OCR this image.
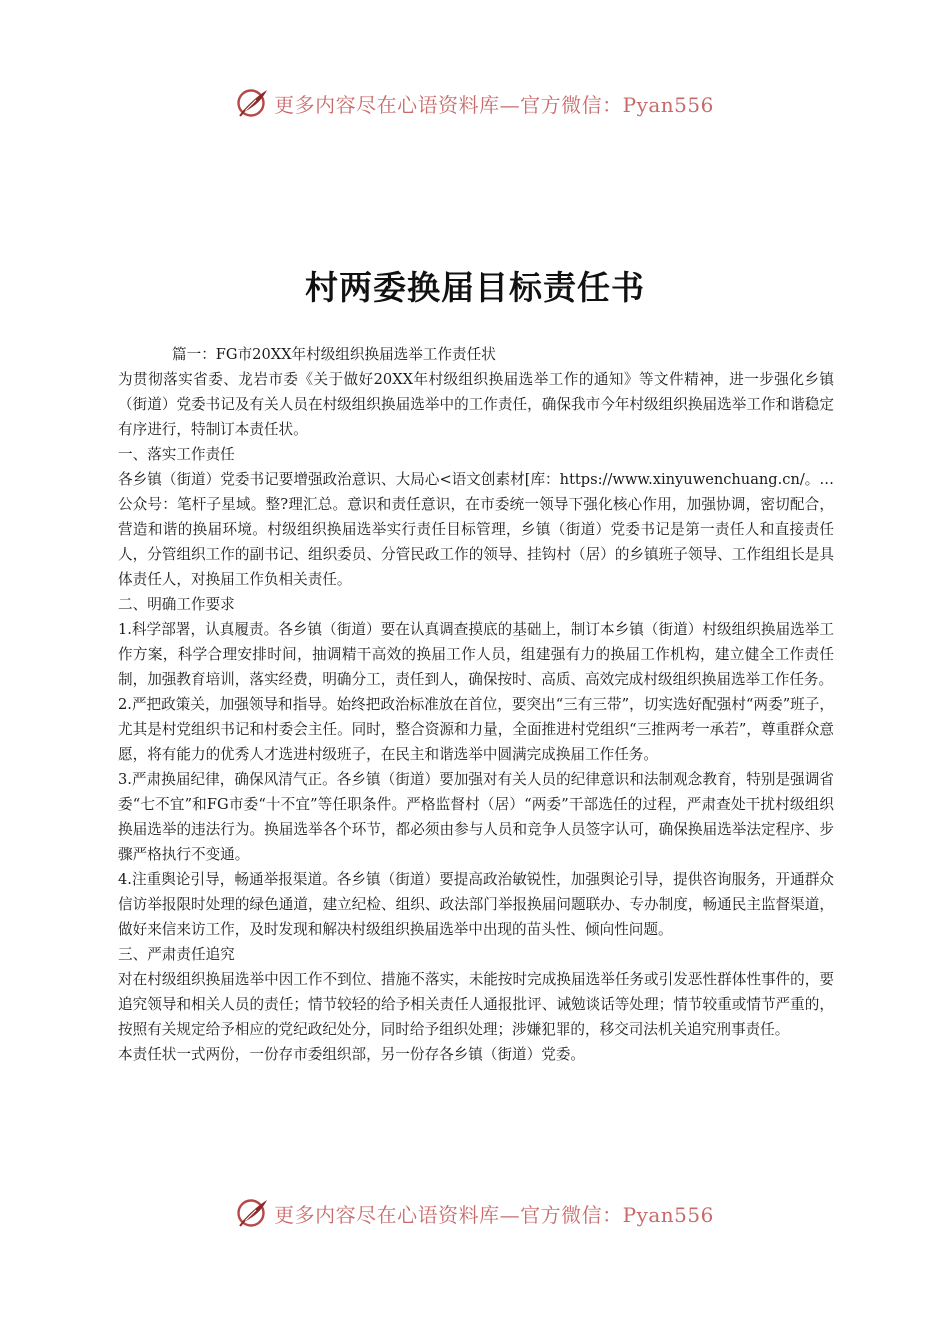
更多内容尽在心语资料库—官方微信：Pyan556
村两委换届目标责任书

篇一：FG市20XX年村级组织换届选举工作责任状

为贯彻落实省委、龙岩市委《关于做好20XX年村级组织换届选举工作的通知》等文件精神，进一步强化乡镇（街道）党委书记及有关人员在村级组织换届选举中的工作责任，确保我市今年村级组织换届选举工作和谐稳定有序进行，特制订本责任状。

一、落实工作责任

各乡镇（街道）党委书记要增强政治意识、大局心<语文创素材[库：https://www.xinyuwenchuang.cn/。…公众号：笔杆子星域。整?理汇总。意识和责任意识，在市委统一领导下强化核心作用，加强协调，密切配合，营造和谐的换届环境。村级组织换届选举实行责任目标管理，乡镇（街道）党委书记是第一责任人和直接责任人，分管组织工作的副书记、组织委员、分管民政工作的领导、挂钩村（居）的乡镇班子领导、工作组组长是具体责任人，对换届工作负相关责任。

二、明确工作要求

1.科学部署，认真履责。各乡镇（街道）要在认真调查摸底的基础上，制订本乡镇（街道）村级组织换届选举工作方案，科学合理安排时间，抽调精干高效的换届工作人员，组建强有力的换届工作机构，建立健全工作责任制，加强教育培训，落实经费，明确分工，责任到人，确保按时、高质、高效完成村级组织换届选举工作任务。

2.严把政策关，加强领导和指导。始终把政治标准放在首位，要突出“三有三带”，切实选好配强村“两委”班子，尤其是村党组织书记和村委会主任。同时，整合资源和力量，全面推进村党组织“三推两考一承若”，尊重群众意愿，将有能力的优秀人才选进村级班子，在民主和谐选举中圆满完成换届工作任务。

3.严肃换届纪律，确保风清气正。各乡镇（街道）要加强对有关人员的纪律意识和法制观念教育，特别是强调省委“七不宜”和FG市委“十不宜”等任职条件。严格监督村（居）“两委”干部选任的过程，严肃查处干扰村级组织换届选举的违法行为。换届选举各个环节，都必须由参与人员和竞争人员签字认可，确保换届选举法定程序、步骤严格执行不变通。

4.注重舆论引导，畅通举报渠道。各乡镇（街道）要提高政治敏锐性，加强舆论引导，提供咨询服务，开通群众信访举报限时处理的绿色通道，建立纪检、组织、政法部门举报换届问题联办、专办制度，畅通民主监督渠道，做好来信来访工作，及时发现和解决村级组织换届选举中出现的苗头性、倾向性问题。

三、严肃责任追究

对在村级组织换届选举中因工作不到位、措施不落实，未能按时完成换届选举任务或引发恶性群体性事件的，要追究领导和相关人员的责任；情节较轻的给予相关责任人通报批评、诫勉谈话等处理；情节较重或情节严重的，按照有关规定给予相应的党纪政纪处分，同时给予组织处理；涉嫌犯罪的，移交司法机关追究刑事责任。

本责任状一式两份，一份存市委组织部，另一份存各乡镇（街道）党委。

更多内容尽在心语资料库—官方微信：Pyan556
